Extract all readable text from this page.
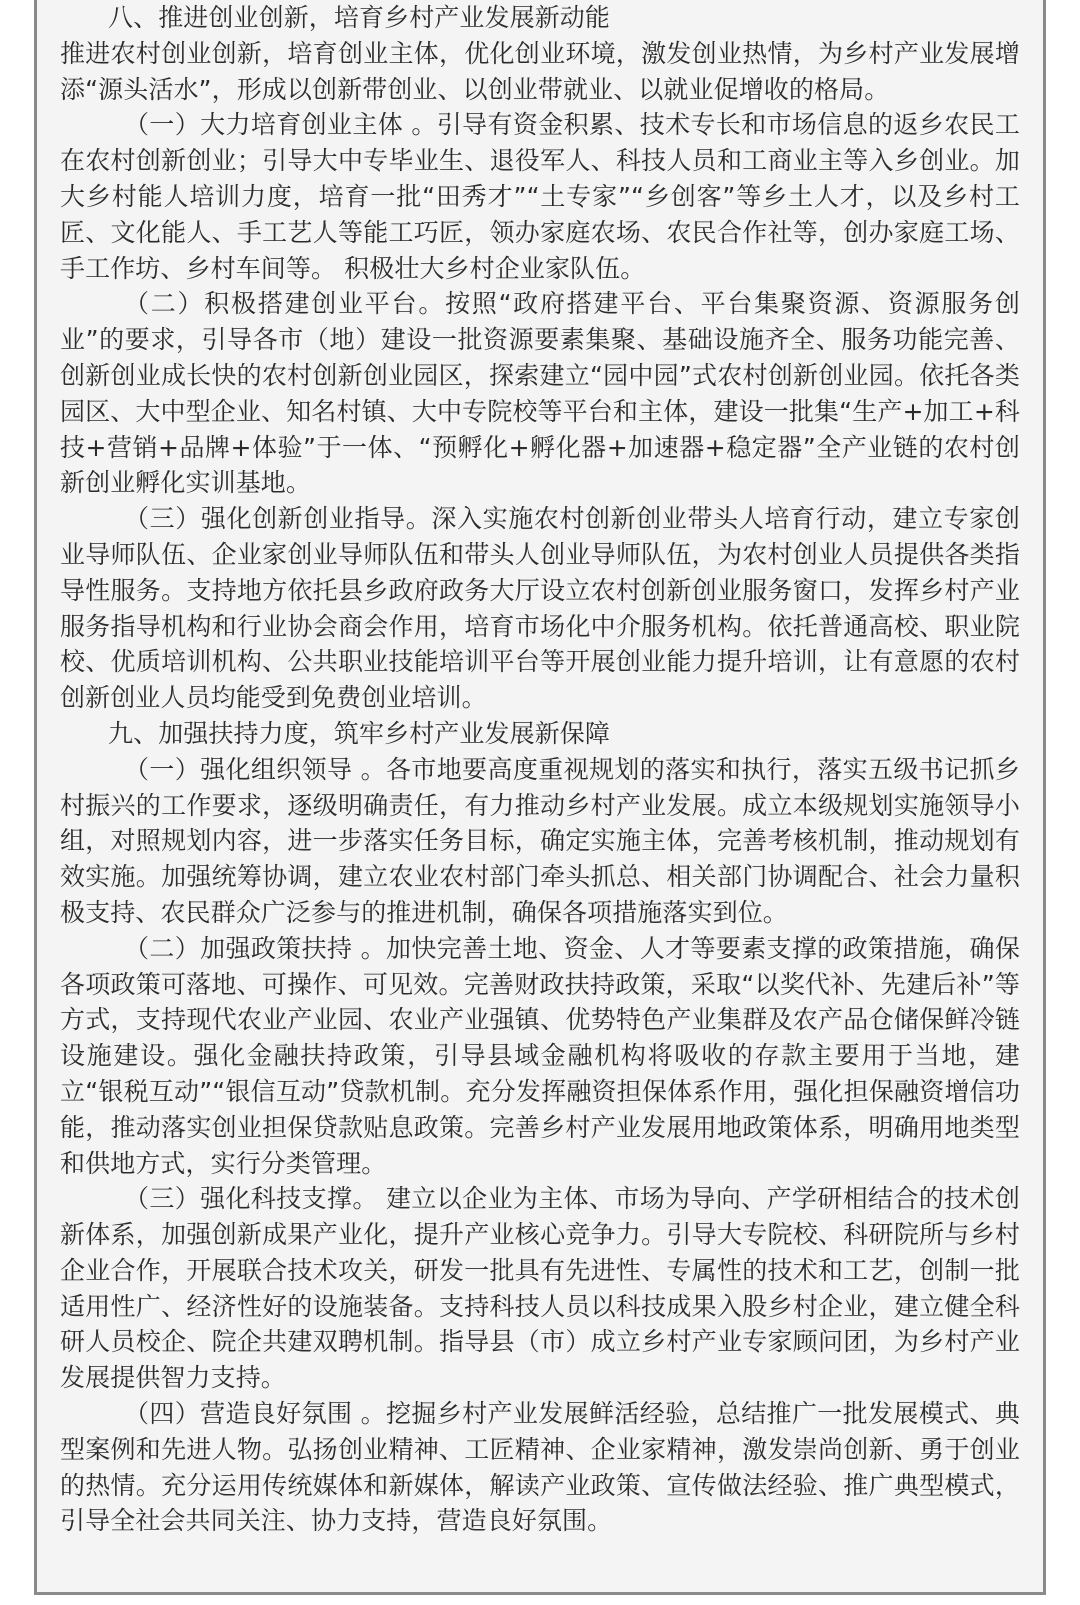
八、推进创业创新，培育乡村产业发展新动能

推进农村创业创新，培育创业主体，优化创业环境，激发创业热情，为乡村产业发展增添“源头活水”，形成以创新带创业、以创业带就业、以就业促增收的格局。

（一）大力培育创业主体 。引导有资金积累、技术专长和市场信息的返乡农民工在农村创新创业；引导大中专毕业生、退役军人、科技人员和工商业主等入乡创业。加大乡村能人培训力度，培育一批“田秀才”“土专家”“乡创客”等乡土人才，以及乡村工匠、文化能人、手工艺人等能工巧匠，领办家庭农场、农民合作社等，创办家庭工场、手工作坊、乡村车间等。 积极壮大乡村企业家队伍。

（二）积极搭建创业平台。按照“政府搭建平台、平台集聚资源、资源服务创业”的要求，引导各市（地）建设一批资源要素集聚、基础设施齐全、服务功能完善、创新创业成长快的农村创新创业园区，探索建立“园中园”式农村创新创业园。依托各类园区、大中型企业、知名村镇、大中专院校等平台和主体，建设一批集“生产+加工+科技+营销+品牌+体验”于一体、“预孵化+孵化器+加速器+稳定器”全产业链的农村创新创业孵化实训基地。

（三）强化创新创业指导。深入实施农村创新创业带头人培育行动，建立专家创业导师队伍、企业家创业导师队伍和带头人创业导师队伍，为农村创业人员提供各类指导性服务。支持地方依托县乡政府政务大厅设立农村创新创业服务窗口，发挥乡村产业服务指导机构和行业协会商会作用，培育市场化中介服务机构。依托普通高校、职业院校、优质培训机构、公共职业技能培训平台等开展创业能力提升培训，让有意愿的农村创新创业人员均能受到免费创业培训。

九、加强扶持力度，筑牢乡村产业发展新保障

（一）强化组织领导 。各市地要高度重视规划的落实和执行，落实五级书记抓乡村振兴的工作要求，逐级明确责任，有力推动乡村产业发展。成立本级规划实施领导小组，对照规划内容，进一步落实任务目标，确定实施主体，完善考核机制，推动规划有效实施。加强统筹协调，建立农业农村部门牵头抓总、相关部门协调配合、社会力量积极支持、农民群众广泛参与的推进机制，确保各项措施落实到位。

（二）加强政策扶持 。加快完善土地、资金、人才等要素支撑的政策措施，确保各项政策可落地、可操作、可见效。完善财政扶持政策，采取“以奖代补、先建后补”等方式，支持现代农业产业园、农业产业强镇、优势特色产业集群及农产品仓储保鲜冷链设施建设。强化金融扶持政策，引导县域金融机构将吸收的存款主要用于当地，建立“银税互动”“银信互动”贷款机制。充分发挥融资担保体系作用，强化担保融资增信功能，推动落实创业担保贷款贴息政策。完善乡村产业发展用地政策体系，明确用地类型和供地方式，实行分类管理。

（三）强化科技支撑。 建立以企业为主体、市场为导向、产学研相结合的技术创新体系，加强创新成果产业化，提升产业核心竞争力。引导大专院校、科研院所与乡村企业合作，开展联合技术攻关，研发一批具有先进性、专属性的技术和工艺，创制一批适用性广、经济性好的设施装备。支持科技人员以科技成果入股乡村企业，建立健全科研人员校企、院企共建双聘机制。指导县（市）成立乡村产业专家顾问团，为乡村产业发展提供智力支持。

（四）营造良好氛围 。挖掘乡村产业发展鲜活经验，总结推广一批发展模式、典型案例和先进人物。弘扬创业精神、工匠精神、企业家精神，激发崇尚创新、勇于创业的热情。充分运用传统媒体和新媒体，解读产业政策、宣传做法经验、推广典型模式，引导全社会共同关注、协力支持，营造良好氛围。
